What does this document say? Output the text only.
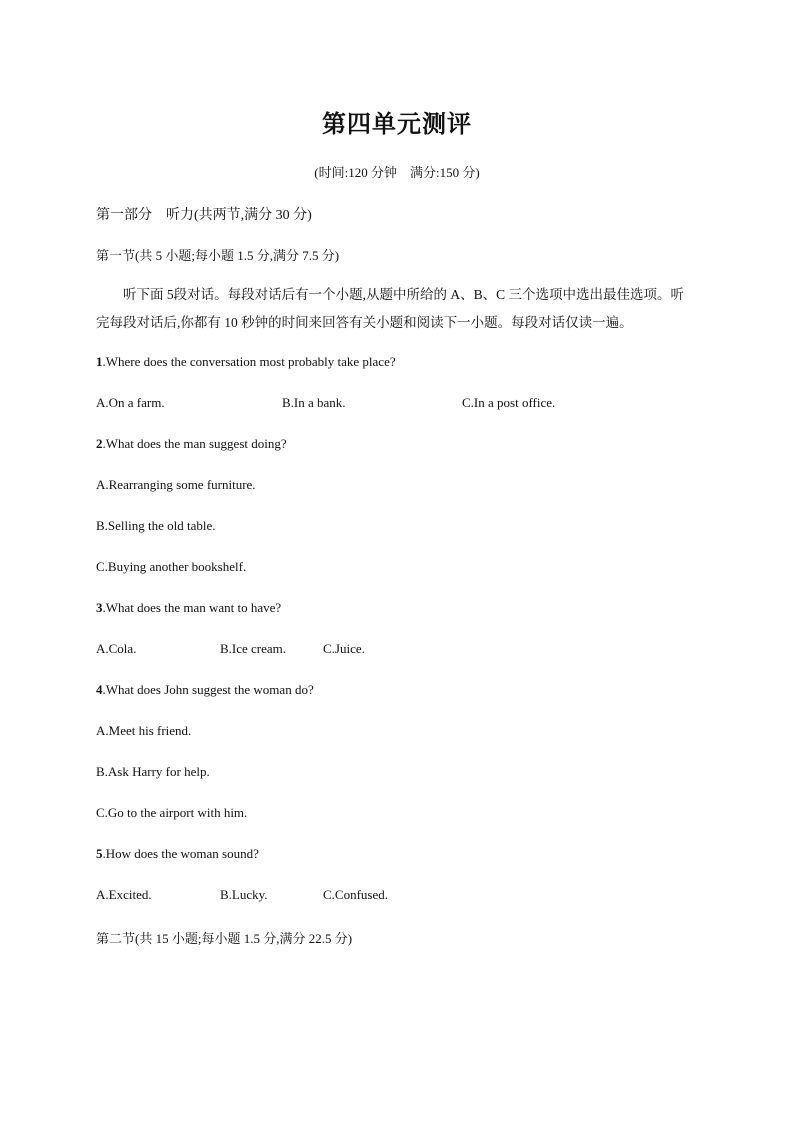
第四单元测评
(时间:120 分钟　满分:150 分)
第一部分　听力(共两节,满分 30 分)
第一节(共 5 小题;每小题 1.5 分,满分 7.5 分)
听下面 5段对话。每段对话后有一个小题,从题中所给的 A、B、C 三个选项中选出最佳选项。听完每段对话后,你都有 10 秒钟的时间来回答有关小题和阅读下一小题。每段对话仅读一遍。
1.Where does the conversation most probably take place?
A.On a farm.	B.In a bank.	C.In a post office.
2.What does the man suggest doing?
A.Rearranging some furniture.
B.Selling the old table.
C.Buying another bookshelf.
3.What does the man want to have?
A.Cola.	B.Ice cream.	C.Juice.
4.What does John suggest the woman do?
A.Meet his friend.
B.Ask Harry for help.
C.Go to the airport with him.
5.How does the woman sound?
A.Excited.	B.Lucky.	C.Confused.
第二节(共 15 小题;每小题 1.5 分,满分 22.5 分)
